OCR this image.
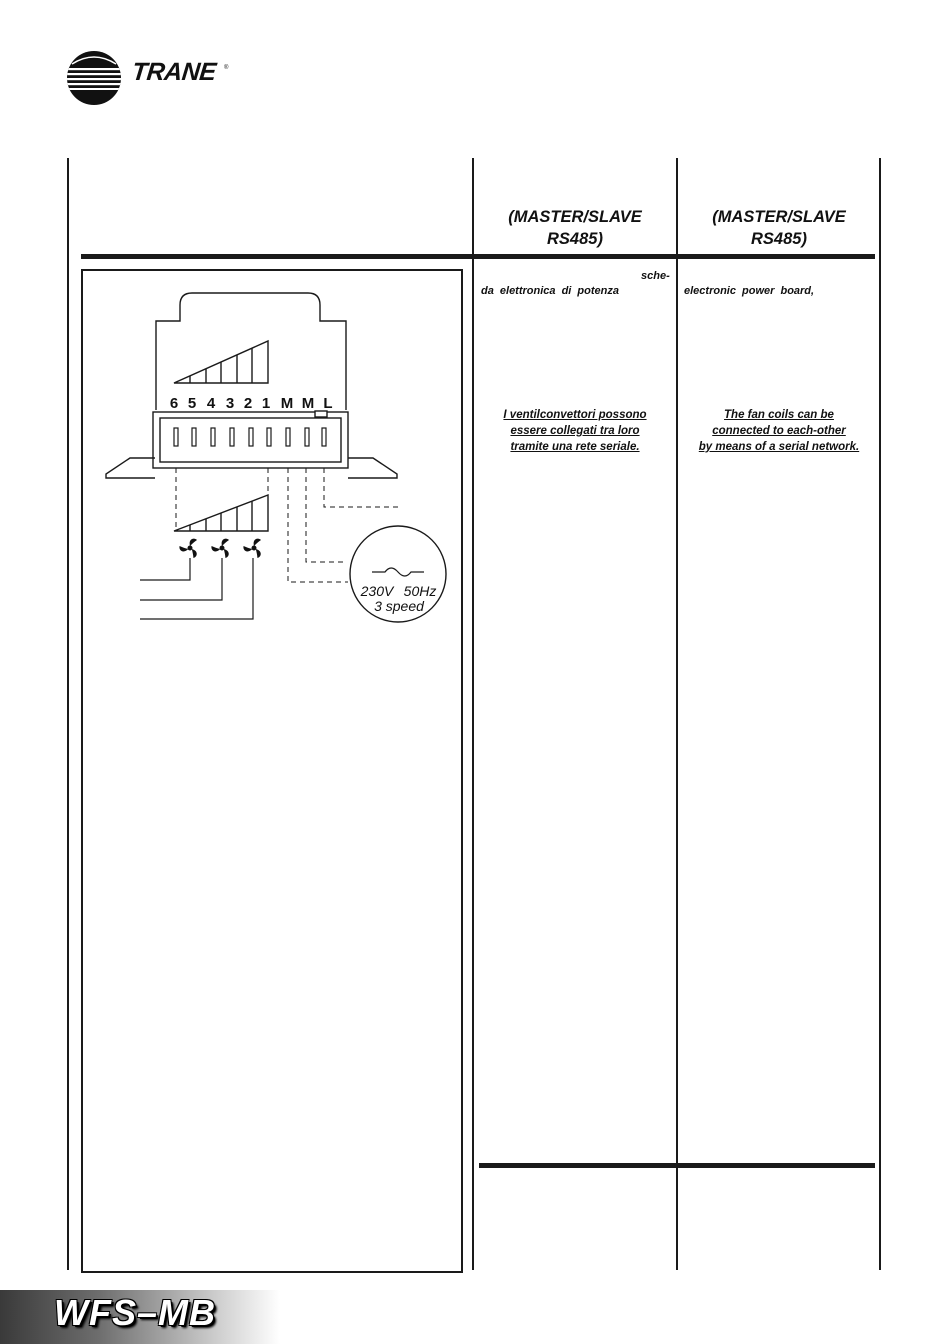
TRANE ®
(MASTER/SLAVE
RS485)
(MASTER/SLAVE
RS485)
sche-
da elettronica di potenza
I ventilconvettori possono
essere collegati tra loro
tramite una rete seriale.
electronic power board,
The fan coils can be
connected to each-other
by means of a serial network.
6 5 4 3 2 1 M M L
230V 50Hz
3 speed
WFS–MB
